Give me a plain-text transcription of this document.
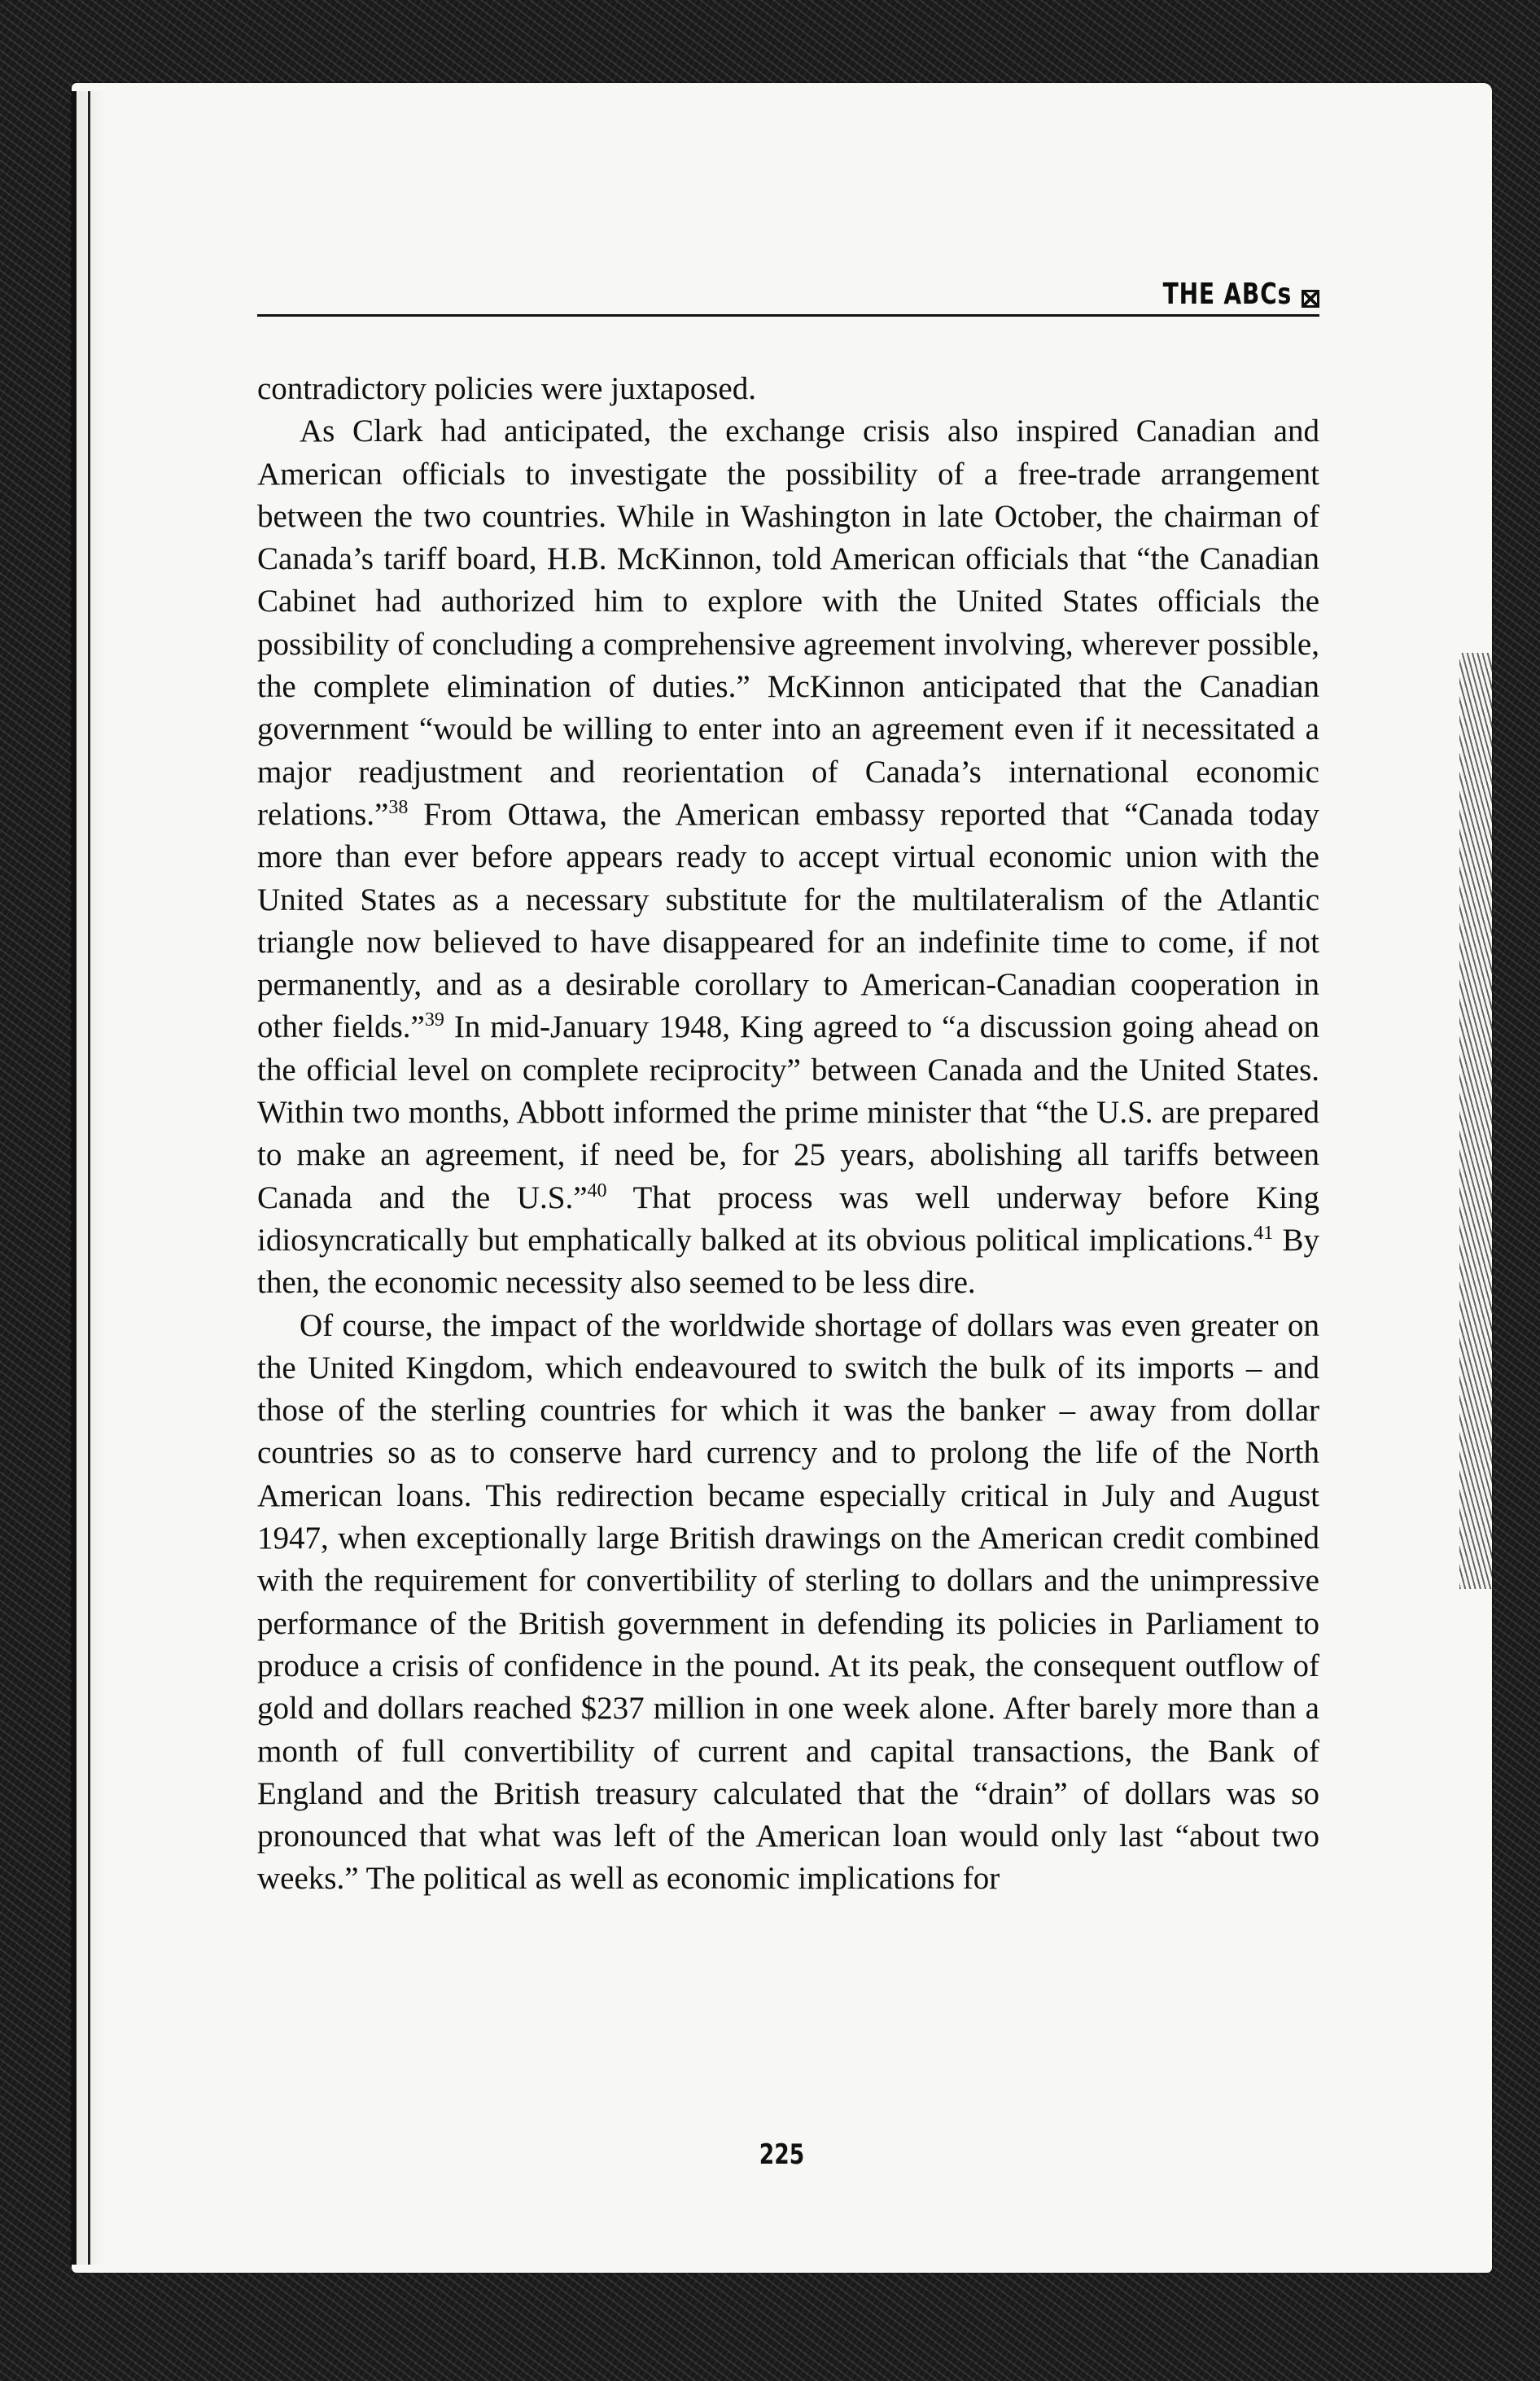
THE ABCs

contradictory policies were juxtaposed.

As Clark had anticipated, the exchange crisis also inspired Canadian and American officials to investigate the possibility of a free-trade arrangement between the two countries. While in Washington in late October, the chairman of Canada’s tariff board, H.B. McKinnon, told American officials that “the Canadian Cabinet had authorized him to explore with the United States officials the possibility of concluding a comprehensive agreement involving, wherever possible, the complete elimination of duties.” McKinnon anticipated that the Canadian government “would be willing to enter into an agreement even if it necessitated a major readjustment and reorientation of Canada’s international economic relations.”$^{38}$ From Ottawa, the American embassy reported that “Canada today more than ever before appears ready to accept virtual economic union with the United States as a necessary substitute for the multilateralism of the Atlantic triangle now believed to have disappeared for an indefinite time to come, if not permanently, and as a desirable corollary to American-Canadian cooperation in other fields.”$^{39}$ In mid-January 1948, King agreed to “a discussion going ahead on the official level on complete reciprocity” between Canada and the United States. Within two months, Abbott informed the prime minister that “the U.S. are prepared to make an agreement, if need be, for 25 years, abolishing all tariffs between Canada and the U.S.”$^{40}$ That process was well underway before King idiosyncratically but emphatically balked at its obvious political implications.$^{41}$ By then, the economic necessity also seemed to be less dire.

Of course, the impact of the worldwide shortage of dollars was even greater on the United Kingdom, which endeavoured to switch the bulk of its imports – and those of the sterling countries for which it was the banker – away from dollar countries so as to conserve hard currency and to prolong the life of the North American loans. This redirection became especially critical in July and August 1947, when exceptionally large British drawings on the American credit combined with the requirement for convertibility of sterling to dollars and the unimpressive performance of the British government in defending its policies in Parliament to produce a crisis of confidence in the pound. At its peak, the consequent outflow of gold and dollars reached $237 million in one week alone. After barely more than a month of full convertibility of current and capital transactions, the Bank of England and the British treasury calculated that the “drain” of dollars was so pronounced that what was left of the American loan would only last “about two weeks.” The political as well as economic implications for

225
